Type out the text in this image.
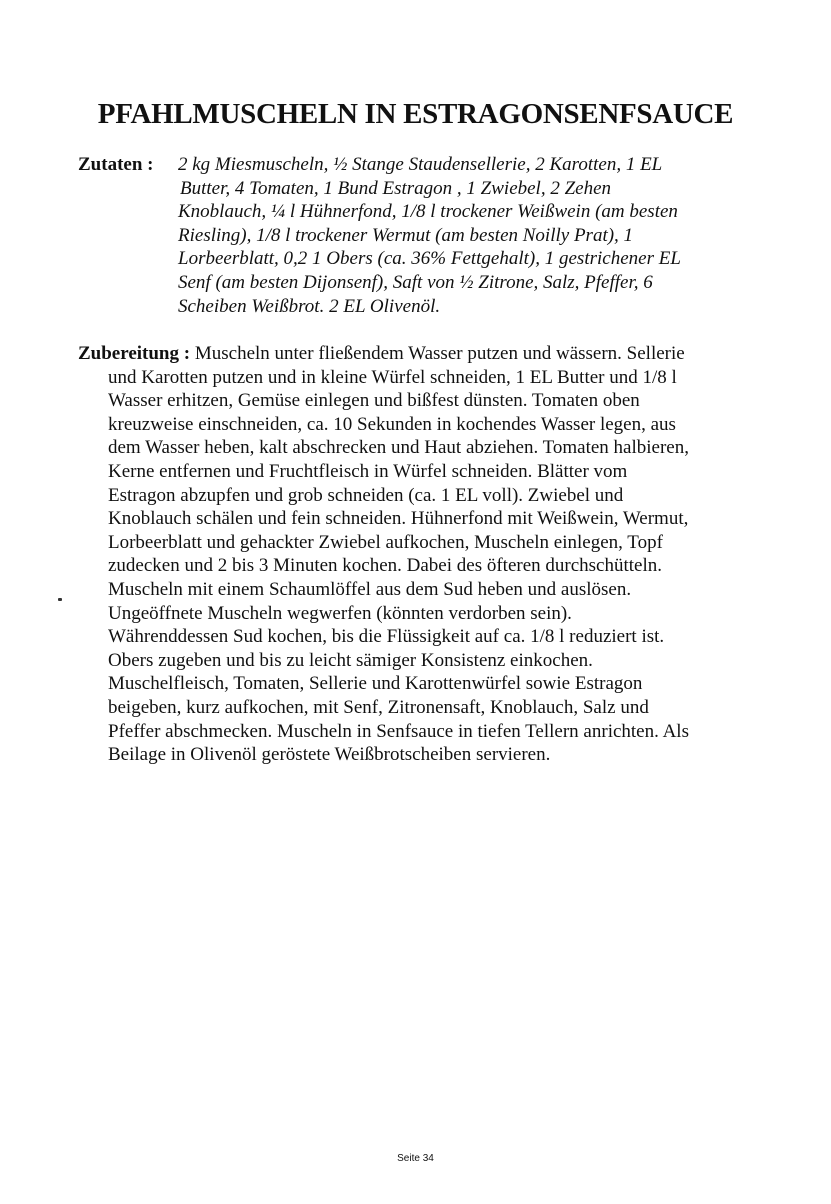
PFAHLMUSCHELN IN ESTRAGONSENFSAUCE
Zutaten : 2 kg Miesmuscheln, ½ Stange Staudensellerie, 2 Karotten, 1 EL
Butter, 4 Tomaten, 1 Bund Estragon , 1 Zwiebel, 2 Zehen
Knoblauch, ¼ l Hühnerfond, 1/8 l trockener Weißwein (am besten
Riesling), 1/8 l trockener Wermut (am besten Noilly Prat), 1
Lorbeerblatt, 0,2 1 Obers (ca. 36% Fettgehalt), 1 gestrichener EL
Senf (am besten Dijonsenf), Saft von ½ Zitrone, Salz, Pfeffer, 6
Scheiben Weißbrot. 2 EL Olivenöl.

Zubereitung : Muscheln unter fließendem Wasser putzen und wässern. Sellerie
und Karotten putzen und in kleine Würfel schneiden, 1 EL Butter und 1/8 l
Wasser erhitzen, Gemüse einlegen und bißfest dünsten. Tomaten oben
kreuzweise einschneiden, ca. 10 Sekunden in kochendes Wasser legen, aus
dem Wasser heben, kalt abschrecken und Haut abziehen. Tomaten halbieren,
Kerne entfernen und Fruchtfleisch in Würfel schneiden. Blätter vom
Estragon abzupfen und grob schneiden (ca. 1 EL voll). Zwiebel und
Knoblauch schälen und fein schneiden. Hühnerfond mit Weißwein, Wermut,
Lorbeerblatt und gehackter Zwiebel aufkochen, Muscheln einlegen, Topf
zudecken und 2 bis 3 Minuten kochen. Dabei des öfteren durchschütteln.
Muscheln mit einem Schaumlöffel aus dem Sud heben und auslösen.
Ungeöffnete Muscheln wegwerfen (könnten verdorben sein).
Währenddessen Sud kochen, bis die Flüssigkeit auf ca. 1/8 l reduziert ist.
Obers zugeben und bis zu leicht sämiger Konsistenz einkochen.
Muschelfleisch, Tomaten, Sellerie und Karottenwürfel sowie Estragon
beigeben, kurz aufkochen, mit Senf, Zitronensaft, Knoblauch, Salz und
Pfeffer abschmecken. Muscheln in Senfsauce in tiefen Tellern anrichten. Als
Beilage in Olivenöl geröstete Weißbrotscheiben servieren.
Seite 34
